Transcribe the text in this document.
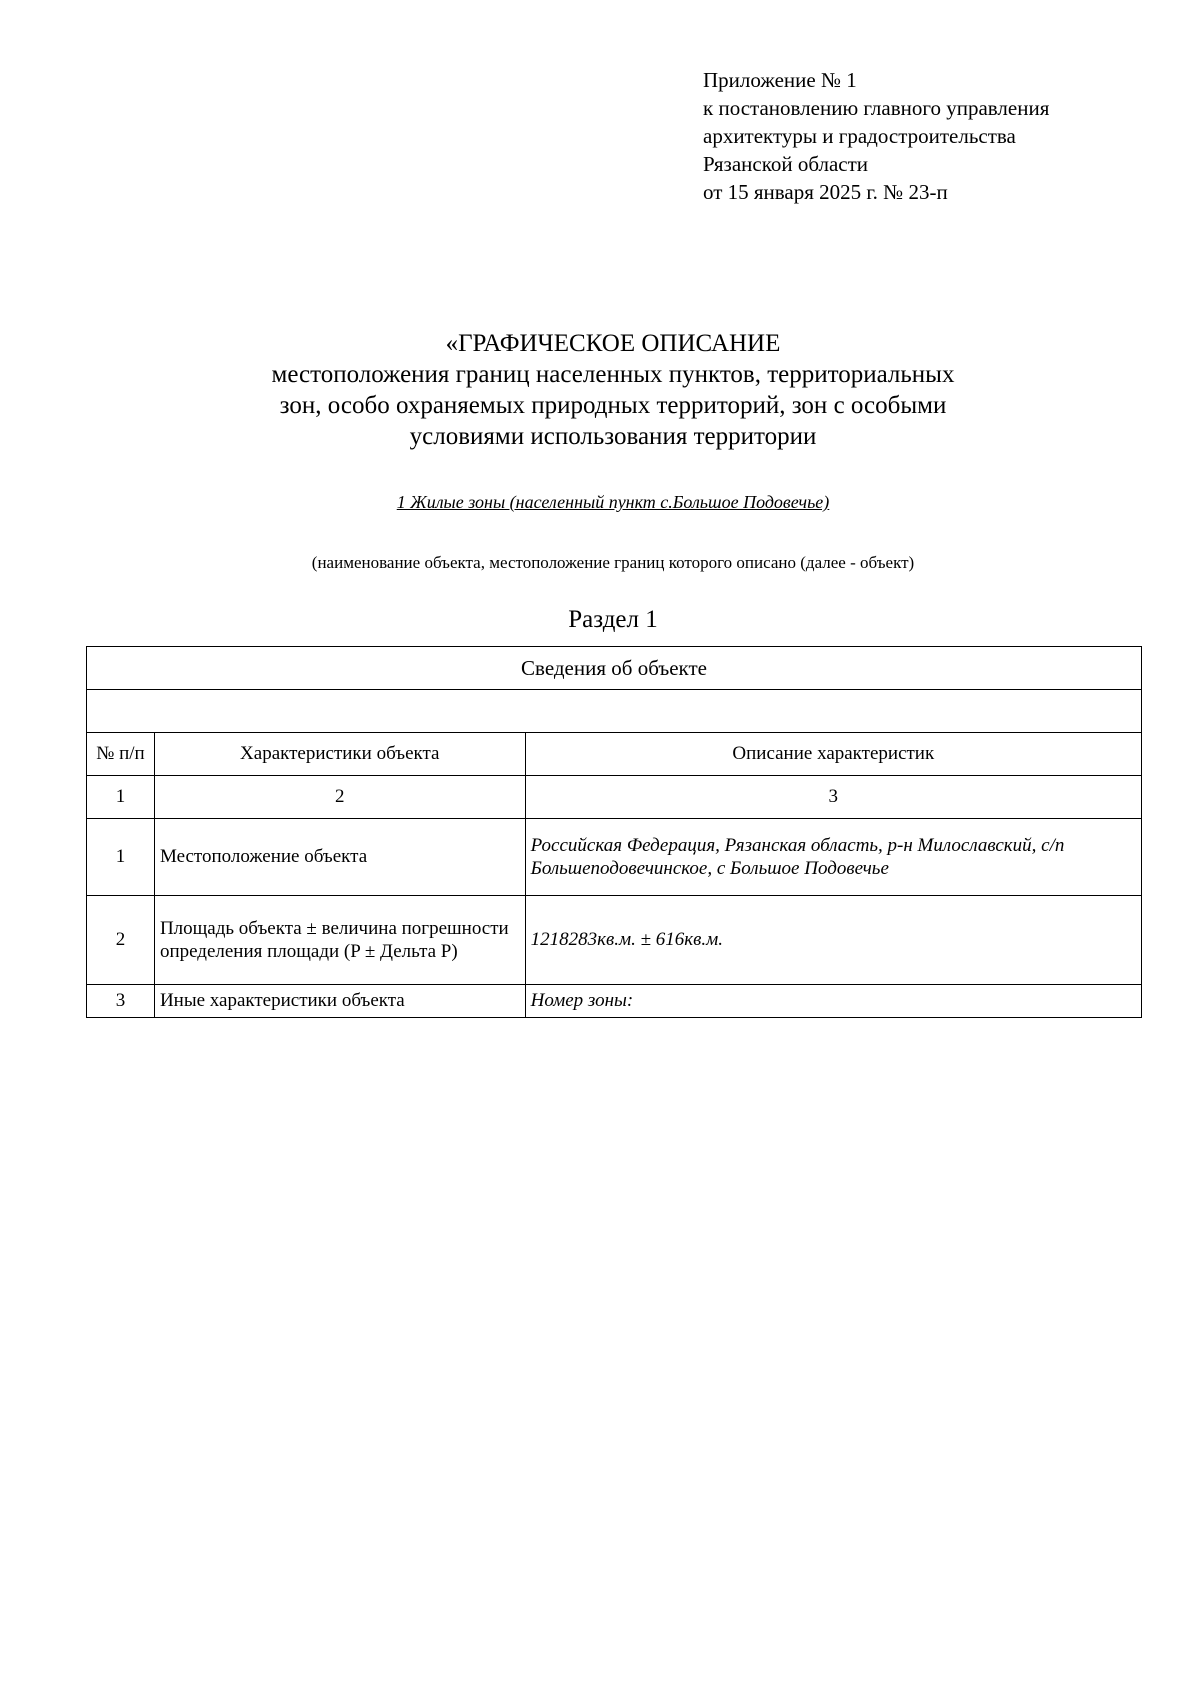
Приложение № 1
к постановлению главного управления
архитектуры и градостроительства
Рязанской области
от 15 января 2025 г. № 23-п
«ГРАФИЧЕСКОЕ ОПИСАНИЕ
местоположения границ населенных пунктов, территориальных
зон, особо охраняемых природных территорий, зон с особыми
условиями использования территории
1 Жилые зоны (населенный пункт с.Большое Подовечье)
(наименование объекта, местоположение границ которого описано (далее - объект)
Раздел 1
Сведения об объекте		

№ п/п	Характеристики объекта	Описание характеристик
1	2	3
1	Местоположение объекта	Российская Федерация, Рязанская область, р-н Милославский, с/п Большеподовечинское, с Большое Подовечье
2	Площадь объекта ± величина погрешности определения площади (P ± Дельта P)	1218283кв.м. ± 616кв.м.
3	Иные характеристики объекта	Номер зоны:
